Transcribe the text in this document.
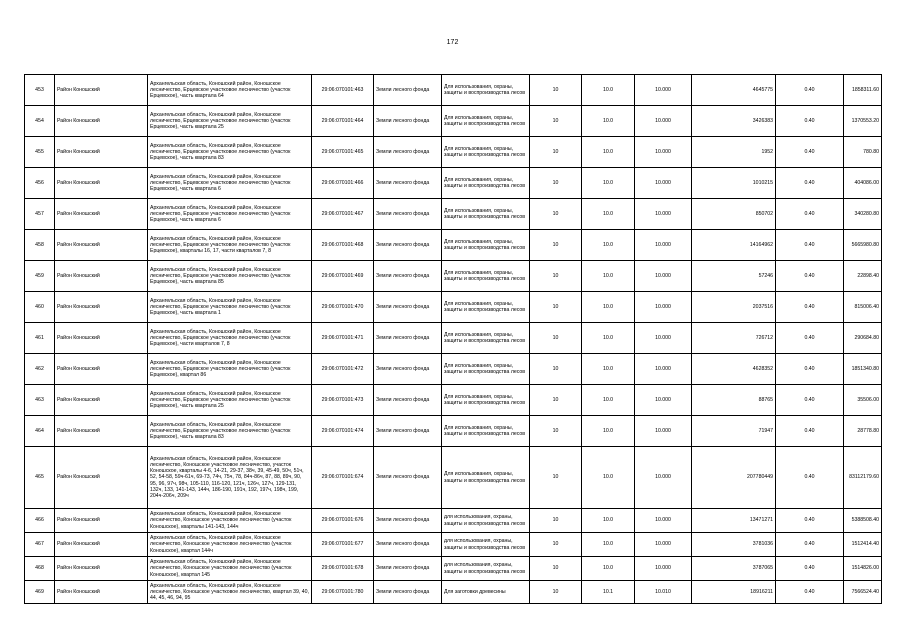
172
453	Район Коношский	Архангельская область, Коношский район, Коношское лесничество, Ерцевское участковое лесничество (участок Ерцевское), часть квартала 64	29:06:070101:463	Земли лесного фонда	Для использования, охраны, защиты и воспроизводства лесов	10	10.0	10.000	4645775	0.40	1858311.60
454	Район Коношский	Архангельская область, Коношский район, Коношское лесничество, Ерцевское участковое лесничество (участок Ерцевское), часть квартала 25	29:06:070101:464	Земли лесного фонда	Для использования, охраны, защиты и воспроизводства лесов	10	10.0	10.000	3426383	0.40	1370553.20
455	Район Коношский	Архангельская область, Коношский район, Коношское лесничество, Ерцевское участковое лесничество (участок Ерцевское), часть квартала 83	29:06:070101:465	Земли лесного фонда	Для использования, охраны, защиты и воспроизводства лесов	10	10.0	10.000	1952	0.40	780.80
456	Район Коношский	Архангельская область, Коношский район, Коношское лесничество, Ерцевское участковое лесничество (участок Ерцевское), часть квартала 6	29:06:070101:466	Земли лесного фонда	Для использования, охраны, защиты и воспроизводства лесов	10	10.0	10.000	1010215	0.40	404086.00
457	Район Коношский	Архангельская область, Коношский район, Коношское лесничество, Ерцевское участковое лесничество (участок Ерцевское), часть квартала 6	29:06:070101:467	Земли лесного фонда	Для использования, охраны, защиты и воспроизводства лесов	10	10.0	10.000	850702	0.40	340280.80
458	Район Коношский	Архангельская область, Коношский район, Коношское лесничество, Ерцевское участковое лесничество (участок Ерцевское), кварталы 16, 17, части кварталов 7, 8	29:06:070101:468	Земли лесного фонда	Для использования, охраны, защиты и воспроизводства лесов	10	10.0	10.000	14164962	0.40	5665980.80
459	Район Коношский	Архангельская область, Коношский район, Коношское лесничество, Ерцевское участковое лесничество (участок Ерцевское), часть квартала 85	29:06:070101:469	Земли лесного фонда	Для использования, охраны, защиты и воспроизводства лесов	10	10.0	10.000	57246	0.40	22898.40
460	Район Коношский	Архангельская область, Коношский район, Коношское лесничество, Ерцевское участковое лесничество (участок Ерцевское), часть квартала 1	29:06:070101:470	Земли лесного фонда	Для использования, охраны, защиты и воспроизводства лесов	10	10.0	10.000	2037516	0.40	815006.40
461	Район Коношский	Архангельская область, Коношский район, Коношское лесничество, Ерцевское участковое лесничество (участок Ерцевское), части кварталов 7, 8	29:06:070101:471	Земли лесного фонда	Для использования, охраны, защиты и воспроизводства лесов	10	10.0	10.000	726712	0.40	290684.80
462	Район Коношский	Архангельская область, Коношский район, Коношское лесничество, Ерцевское участковое лесничество (участок Ерцевское), квартал 86	29:06:070101:472	Земли лесного фонда	Для использования, охраны, защиты и воспроизводства лесов	10	10.0	10.000	4628352	0.40	1851340.80
463	Район Коношский	Архангельская область, Коношский район, Коношское лесничество, Ерцевское участковое лесничество (участок Ерцевское), часть квартала 25	29:06:070101:473	Земли лесного фонда	Для использования, охраны, защиты и воспроизводства лесов	10	10.0	10.000	88765	0.40	35506.00
464	Район Коношский	Архангельская область, Коношский район, Коношское лесничество, Ерцевское участковое лесничество (участок Ерцевское), часть квартала 83	29:06:070101:474	Земли лесного фонда	Для использования, охраны, защиты и воспроизводства лесов	10	10.0	10.000	71947	0.40	28778.80
465	Район Коношский	Архангельская область, Коношский район, Коношское лесничество, Коношское участковое лесничество, участок Коношское, кварталы 4-6, 14-21, 29-37, 38ч, 39, 45-49, 50ч, 51ч, 52, 54-58, 59ч-61ч, 69-73, 74ч, 75ч, 78, 84ч-86ч, 87, 88, 89ч, 90, 95, 96, 97ч, 98ч, 105-110, 116-120, 121ч, 126ч, 127ч, 129-131, 132ч, 133, 141-143, 144ч, 186-190, 191ч, 192, 197ч, 198ч, 199, 204ч-206ч, 209ч	29:06:070101:674	Земли лесного фонда	Для использования, охраны, защиты и воспроизводства лесов	10	10.0	10.000	207780449	0.40	83112179.60
466	Район Коношский	Архангельская область, Коношский район, Коношское лесничество, Коношское участковое лесничество (участок Коношское), кварталы 141-143, 144ч	29:06:070101:676	Земли лесного фонда	для использования, охраны, защиты и воспроизводства лесов	10	10.0	10.000	13471271	0.40	5388508.40
467	Район Коношский	Архангельская область, Коношский район, Коношское лесничество, Коношское участковое лесничество (участок Коношское), квартал 144ч	29:06:070101:677	Земли лесного фонда	для использования, охраны, защиты и воспроизводства лесов	10	10.0	10.000	3781036	0.40	1512414.40
468	Район Коношский	Архангельская область, Коношский район, Коношское лесничество, Коношское участковое лесничество (участок Коношское), квартал 145	29:06:070101:678	Земли лесного фонда	для использования, охраны, защиты и воспроизводства лесов	10	10.0	10.000	3787065	0.40	1514826.00
469	Район Коношский	Архангельская область, Коношский район, Коношское лесничество, Коношское участковое лесничество, квартал 39, 40, 44, 45, 46, 94, 95	29:06:070101:780	Земли лесного фонда	Для заготовки древесины	10	10.1	10.010	18916211	0.40	7566524.40
